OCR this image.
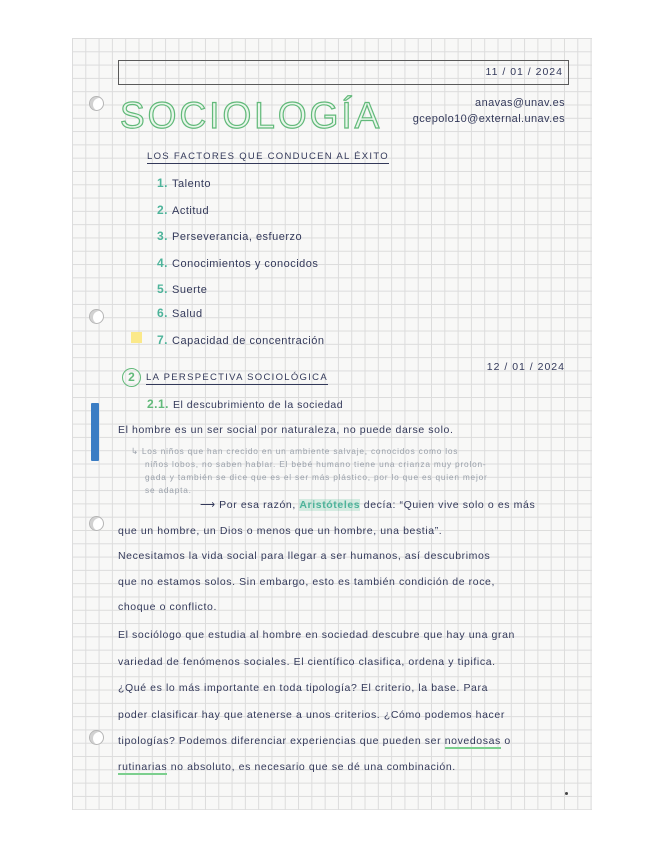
11 / 01 / 2024
SOCIOLOGÍA	anavas@unav.es
gcepolo10@external.unav.es
LOS FACTORES QUE CONDUCEN AL ÉXITO
1. Talento
2. Actitud
3. Perseverancia, esfuerzo
4. Conocimientos y conocidos
5. Suerte
6. Salud
7. Capacidad de concentración
12 / 01 / 2024
2	LA PERSPECTIVA SOCIOLÓGICA
2.1. El descubrimiento de la sociedad
El hombre es un ser social por naturaleza, no puede darse solo.
↳ Los niños que han crecido en un ambiente salvaje, conocidos como los
niños lobos, no saben hablar. El bebé humano tiene una crianza muy prolon-
gada y también se dice que es el ser más plástico, por lo que es quien mejor
se adapta.
⟶ Por esa razón, Aristóteles decía: “Quien vive solo o es más
que un hombre, un Dios o menos que un hombre, una bestia”.
Necesitamos la vida social para llegar a ser humanos, así descubrimos
que no estamos solos. Sin embargo, esto es también condición de roce,
choque o conflicto.
El sociólogo que estudia al hombre en sociedad descubre que hay una gran
variedad de fenómenos sociales. El científico clasifica, ordena y tipifica.
¿Qué es lo más importante en toda tipología? El criterio, la base. Para
poder clasificar hay que atenerse a unos criterios. ¿Cómo podemos hacer
tipologías? Podemos diferenciar experiencias que pueden ser novedosas o
rutinarias no absoluto, es necesario que se dé una combinación.
